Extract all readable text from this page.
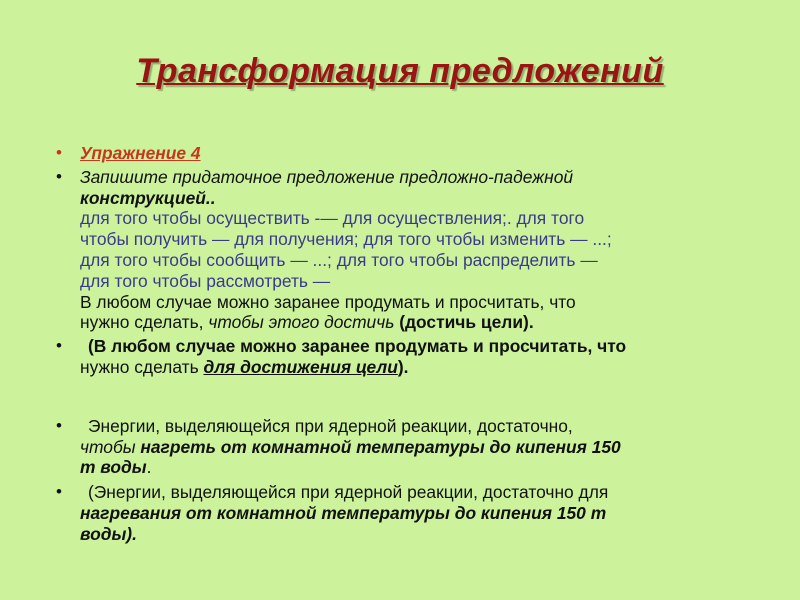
Трансформация предложений
• Упражнение 4
• Запишите придаточное предложение предложно-падежной
конструкцией..
для того чтобы осуществить -— для осуществления;. для того
чтобы получить — для получения; для того чтобы изменить — ...;
для того чтобы сообщить — ...; для того чтобы распределить —
для того чтобы рассмотреть —
В любом случае можно заранее продумать и просчитать, что
нужно сделать, чтобы этого достичь (достичь цели).
•	(В любом случае можно заранее продумать и просчитать, что
нужно сделать для достижения цели).
•	Энергии, выделяющейся при ядерной реакции, достаточно,
чтобы нагреть от комнатной температуры до кипения 150
т воды.
•	(Энергии, выделяющейся при ядерной реакции, достаточно для
нагревания от комнатной температуры до кипения 150 т
воды).
